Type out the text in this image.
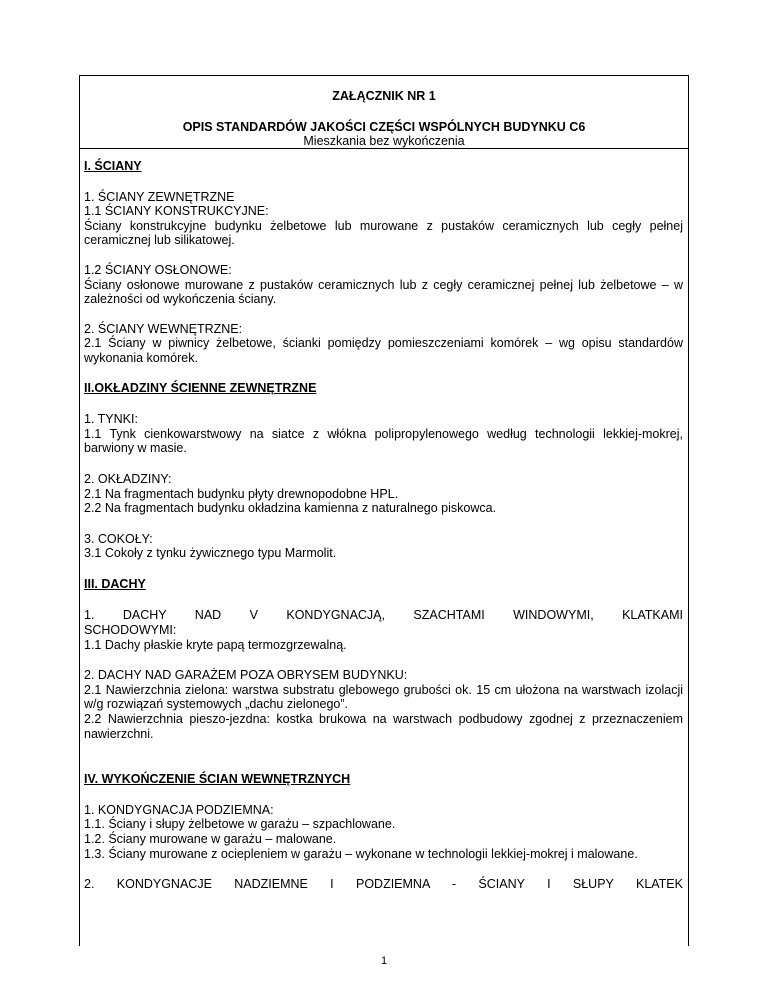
ZAŁĄCZNIK NR 1
OPIS STANDARDÓW JAKOŚCI CZĘŚCI WSPÓLNYCH BUDYNKU C6
Mieszkania bez wykończenia

I. ŚCIANY

1. ŚCIANY ZEWNĘTRZNE
1.1 ŚCIANY KONSTRUKCYJNE:
Ściany konstrukcyjne budynku żelbetowe lub murowane z pustaków ceramicznych lub cegły pełnej ceramicznej lub silikatowej.
1.2 ŚCIANY OSŁONOWE:
Ściany osłonowe murowane z pustaków ceramicznych lub z cegły ceramicznej pełnej lub żelbetowe – w zależności od wykończenia ściany.
2. ŚCIANY WEWNĘTRZNE:
2.1 Ściany w piwnicy żelbetowe, ścianki pomiędzy pomieszczeniami komórek – wg opisu standardów wykonania komórek.

II.OKŁADZINY ŚCIENNE ZEWNĘTRZNE

1. TYNKI:
1.1 Tynk cienkowarstwowy na siatce z włókna polipropylenowego według technologii lekkiej-mokrej, barwiony w masie.
2. OKŁADZINY:
2.1 Na fragmentach budynku płyty drewnopodobne HPL.
2.2 Na fragmentach budynku okładzina kamienna z naturalnego piskowca.
3. COKOŁY:
3.1 Cokoły z tynku żywicznego typu Marmolit.

III. DACHY

1. DACHY NAD V KONDYGNACJĄ, SZACHTAMI WINDOWYMI, KLATKAMI
SCHODOWYMI:
1.1 Dachy płaskie kryte papą termozgrzewalną.
2. DACHY NAD GARAŻEM POZA OBRYSEM BUDYNKU:
2.1 Nawierzchnia zielona: warstwa substratu glebowego grubości ok. 15 cm ułożona na warstwach izolacji w/g rozwiązań systemowych „dachu zielonego”.
2.2 Nawierzchnia pieszo-jezdna: kostka brukowa na warstwach podbudowy zgodnej z przeznaczeniem nawierzchni.

IV. WYKOŃCZENIE ŚCIAN WEWNĘTRZNYCH

1. KONDYGNACJA PODZIEMNA:
1.1. Ściany i słupy żelbetowe w garażu – szpachlowane.
1.2. Ściany murowane w garażu – malowane.
1.3. Ściany murowane z ociepleniem w garażu – wykonane w technologii lekkiej-mokrej i malowane.
2. KONDYGNACJE NADZIEMNE I PODZIEMNA - ŚCIANY I SŁUPY KLATEK
1
